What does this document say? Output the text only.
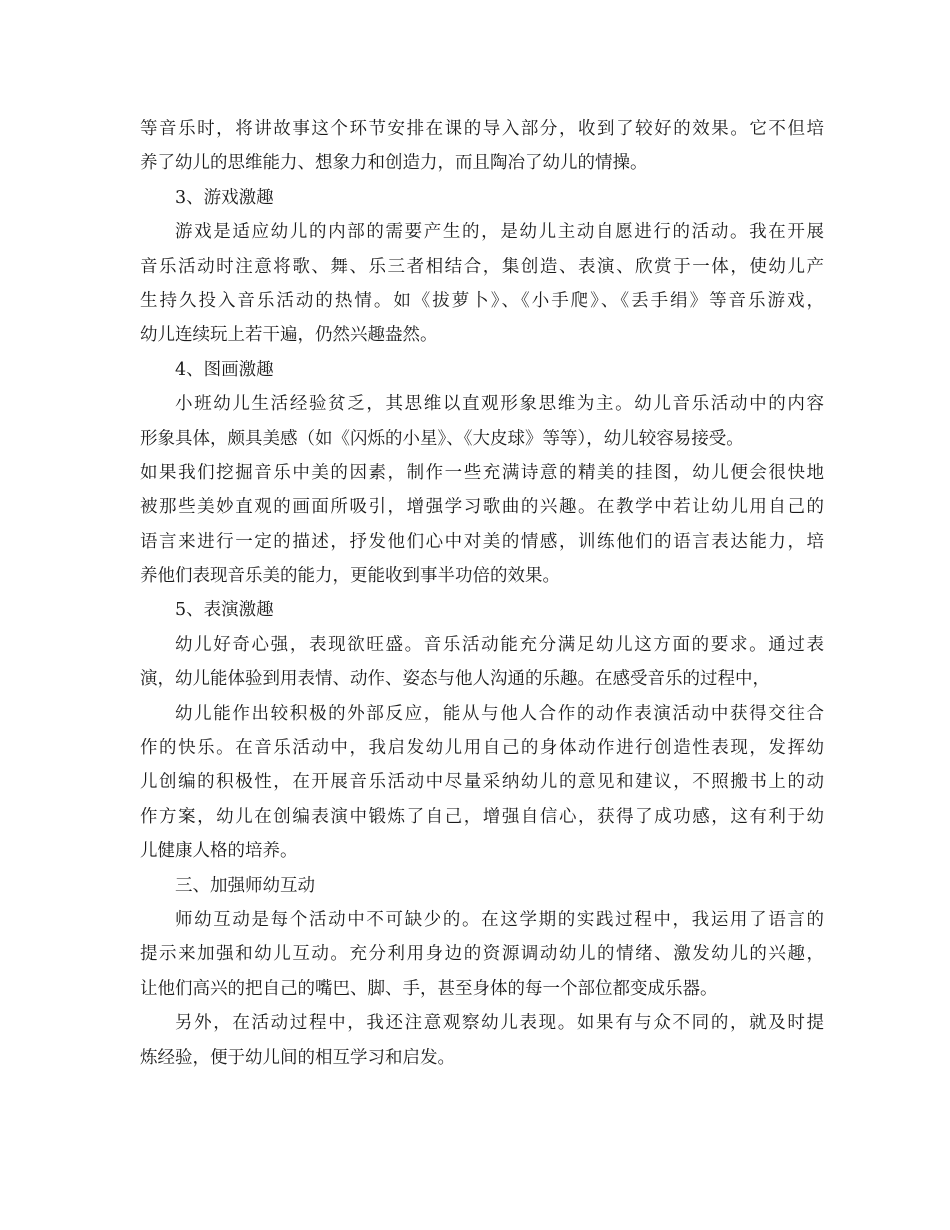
等音乐时，将讲故事这个环节安排在课的导入部分，收到了较好的效果。它不但培
养了幼儿的思维能力、想象力和创造力，而且陶冶了幼儿的情操。
3、游戏激趣
游戏是适应幼儿的内部的需要产生的，是幼儿主动自愿进行的活动。我在开展
音乐活动时注意将歌、舞、乐三者相结合，集创造、表演、欣赏于一体，使幼儿产
生持久投入音乐活动的热情。如《拔萝卜》、《小手爬》、《丢手绢》等音乐游戏，
幼儿连续玩上若干遍，仍然兴趣盎然。
4、图画激趣
小班幼儿生活经验贫乏，其思维以直观形象思维为主。幼儿音乐活动中的内容
形象具体，颇具美感（如《闪烁的小星》、《大皮球》等等），幼儿较容易接受。
如果我们挖掘音乐中美的因素，制作一些充满诗意的精美的挂图，幼儿便会很快地
被那些美妙直观的画面所吸引，增强学习歌曲的兴趣。在教学中若让幼儿用自己的
语言来进行一定的描述，抒发他们心中对美的情感，训练他们的语言表达能力，培
养他们表现音乐美的能力，更能收到事半功倍的效果。
5、表演激趣
幼儿好奇心强，表现欲旺盛。音乐活动能充分满足幼儿这方面的要求。通过表
演，幼儿能体验到用表情、动作、姿态与他人沟通的乐趣。在感受音乐的过程中，
幼儿能作出较积极的外部反应，能从与他人合作的动作表演活动中获得交往合
作的快乐。在音乐活动中，我启发幼儿用自己的身体动作进行创造性表现，发挥幼
儿创编的积极性，在开展音乐活动中尽量采纳幼儿的意见和建议，不照搬书上的动
作方案，幼儿在创编表演中锻炼了自己，增强自信心，获得了成功感，这有利于幼
儿健康人格的培养。
三、加强师幼互动
师幼互动是每个活动中不可缺少的。在这学期的实践过程中，我运用了语言的
提示来加强和幼儿互动。充分利用身边的资源调动幼儿的情绪、激发幼儿的兴趣，
让他们高兴的把自己的嘴巴、脚、手，甚至身体的每一个部位都变成乐器。
另外，在活动过程中，我还注意观察幼儿表现。如果有与众不同的，就及时提
炼经验，便于幼儿间的相互学习和启发。
